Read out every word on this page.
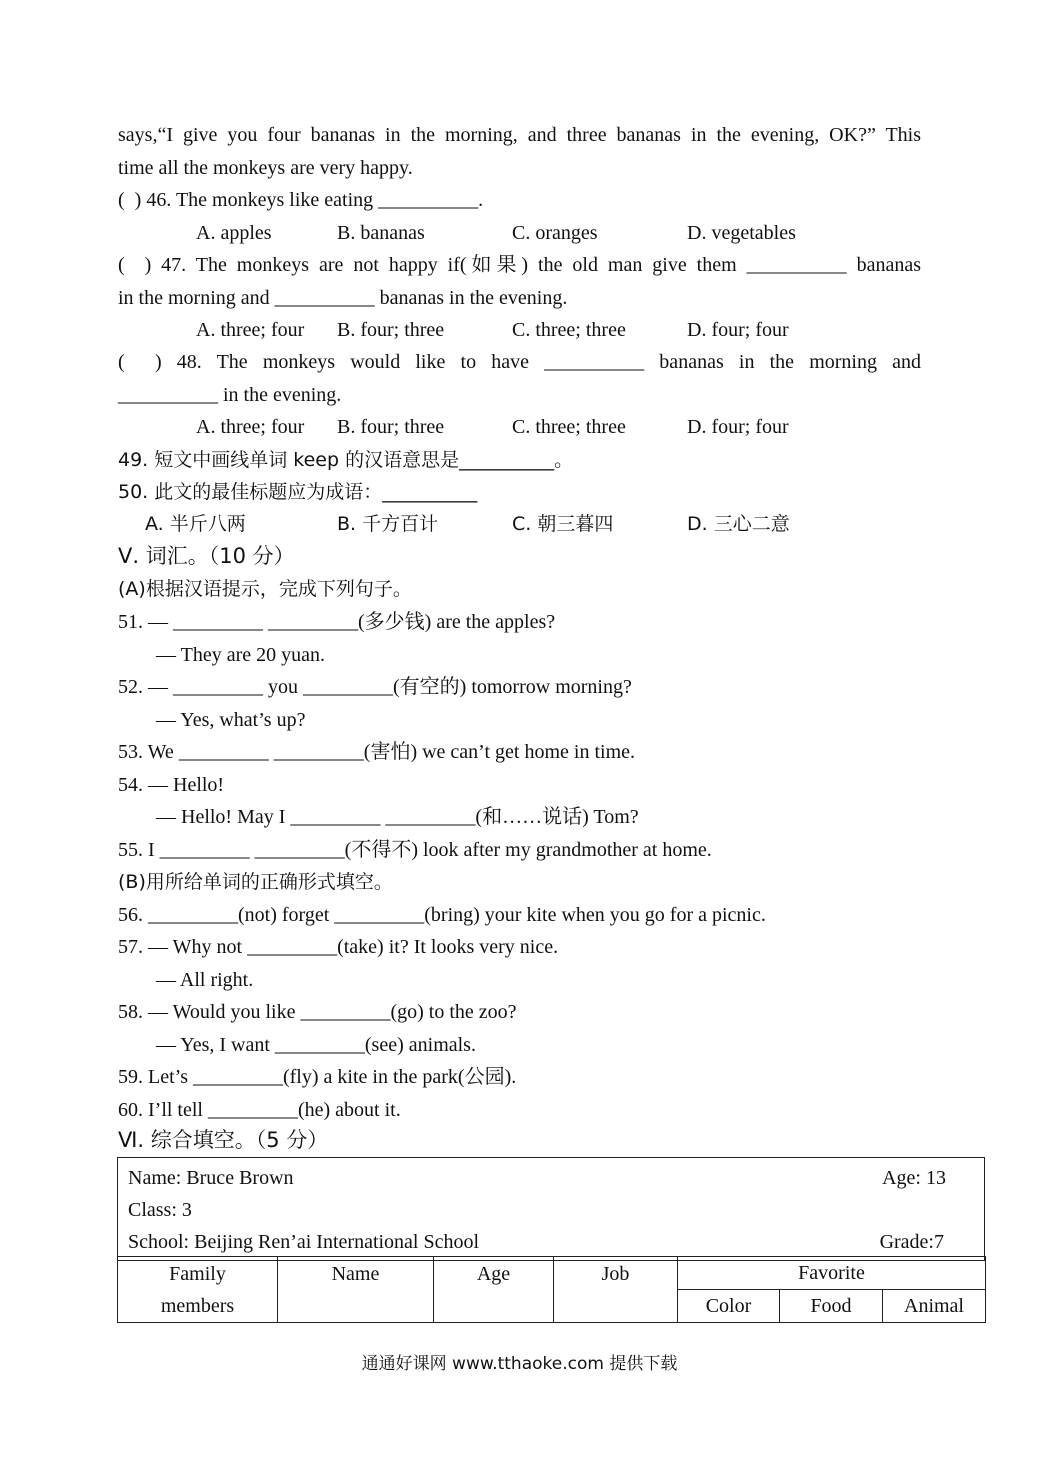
says,“I give you four bananas in the morning, and three bananas in the evening, OK?” This
time all the monkeys are very happy.
(  ) 46. The monkeys like eating __________.
A. apples	B. bananas	C. oranges	D. vegetables
(  ) 47. The monkeys are not happy if(如果) the old man give them __________ bananas
in the morning and __________ bananas in the evening.
A. three; four B. four; three	C. three; three	D. four; four
(  ) 48. The monkeys would like to have __________ bananas in the morning and
__________ in the evening.
A. three; four B. four; three	C. three; three	D. four; four
49. 短文中画线单词 keep 的汉语意思是__________。
50. 此文的最佳标题应为成语：__________
A. 半斤八两	B. 千方百计	C. 朝三暮四	D. 三心二意
Ⅴ. 词汇。（10 分）
(A)根据汉语提示，完成下列句子。
51. — _________ _________(多少钱) are the apples?
— They are 20 yuan.
52. — _________ you _________(有空的) tomorrow morning?
— Yes, what’s up?
53. We _________ _________(害怕) we can’t get home in time.
54. — Hello!
— Hello! May I _________ _________(和……说话) Tom?
55. I _________ _________(不得不) look after my grandmother at home.
(B)用所给单词的正确形式填空。
56. _________(not) forget _________(bring) your kite when you go for a picnic.
57. — Why not _________(take) it? It looks very nice.
— All right.
58. — Would you like _________(go) to the zoo?
— Yes, I want _________(see) animals.
59. Let’s _________(fly) a kite in the park(公园).
60. I’ll tell _________(he) about it.
Ⅵ. 综合填空。（5 分）
Name: Bruce Brown	Age: 13
Class: 3
School: Beijing Ren’ai International School	Grade:7
Family
members	Name	Age	Job	Favorite		
				Color	Food	Animal
通通好课网 www.tthaoke.com 提供下载
